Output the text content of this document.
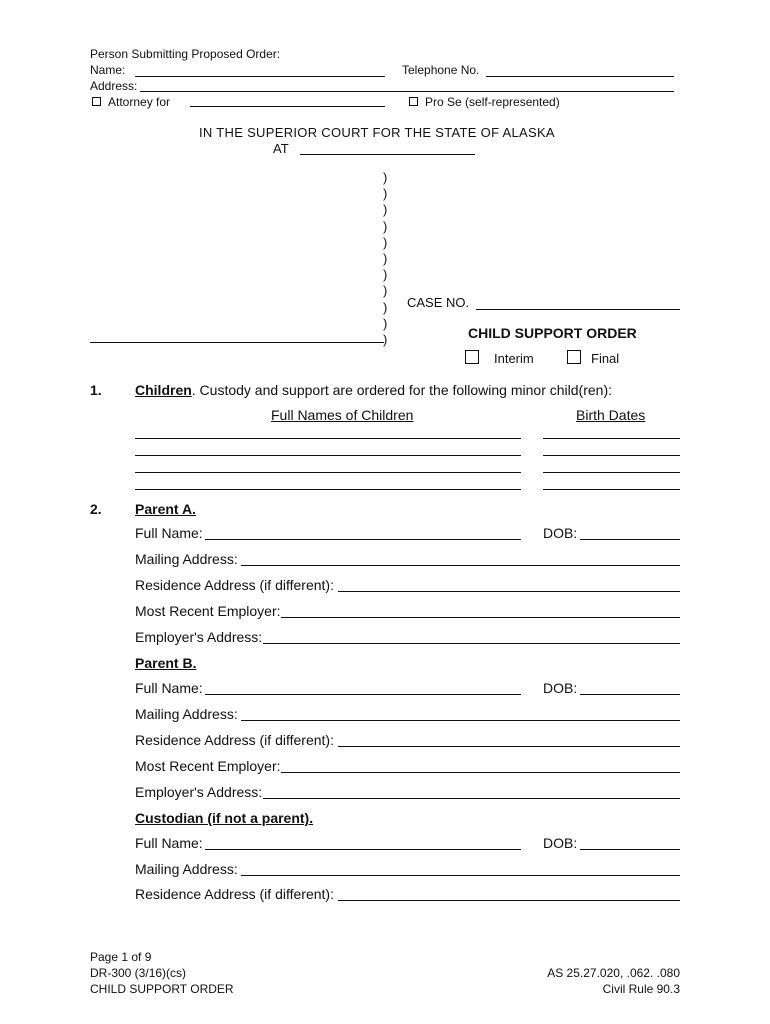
Person Submitting Proposed Order:
Name:	Telephone No.
Address:
Attorney for	Pro Se (self-represented)
IN THE SUPERIOR COURT FOR THE STATE OF ALASKA
AT
)
)
)
)
)
)
)
)
)
)
)
CASE NO.
CHILD SUPPORT ORDER
Interim	Final
1. Children. Custody and support are ordered for the following minor child(ren):
Full Names of Children	Birth Dates
2. Parent A.
Full Name:	DOB:
Mailing Address:
Residence Address (if different):
Most Recent Employer:
Employer's Address:
Parent B.
Full Name:	DOB:
Mailing Address:
Residence Address (if different):
Most Recent Employer:
Employer's Address:
Custodian (if not a parent).
Full Name:	DOB:
Mailing Address:
Residence Address (if different):
Page 1 of 9
DR-300 (3/16)(cs)
CHILD SUPPORT ORDER
AS 25.27.020, .062. .080
Civil Rule 90.3
